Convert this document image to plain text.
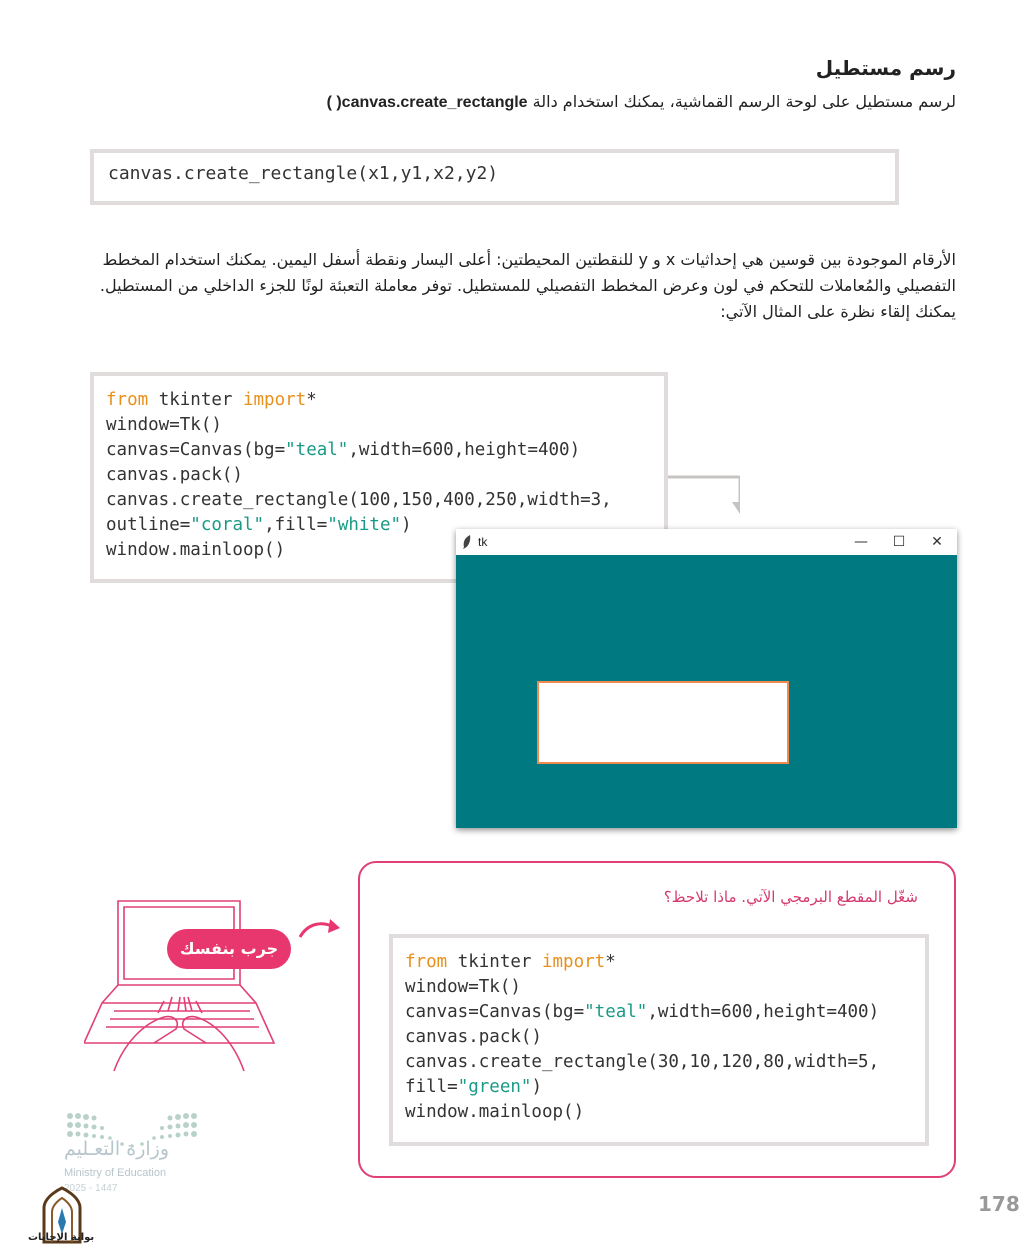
رسم مستطيل
لرسم مستطيل على لوحة الرسم القماشية، يمكنك استخدام دالة ( )canvas.create_rectangle
canvas.create_rectangle(x1,y1,x2,y2)
الأرقام الموجودة بين قوسين هي إحداثيات x و y للنقطتين المحيطتين: أعلى اليسار ونقطة أسفل اليمين. يمكنك استخدام المخطط
التفصيلي والمُعاملات للتحكم في لون وعرض المخطط التفصيلي للمستطيل. توفر معاملة التعبئة لونًا للجزء الداخلي من المستطيل.
يمكنك إلقاء نظرة على المثال الآتي:
from tkinter import*
window=Tk()
canvas=Canvas(bg="teal",width=600,height=400)
canvas.pack()
canvas.create_rectangle(100,150,400,250,width=3,
outline="coral",fill="white")
window.mainloop()	tk	—	☐	✕
شغّل المقطع البرمجي الآتي. ماذا تلاحظ؟
from tkinter import*
window=Tk()
canvas=Canvas(bg="teal",width=600,height=400)
canvas.pack()
canvas.create_rectangle(30,10,120,80,width=5,
fill="green")
window.mainloop()
جرب بنفسك
وزارة التعـليم
Ministry of Education
2025 - 1447
178
بوابة الإجابات
